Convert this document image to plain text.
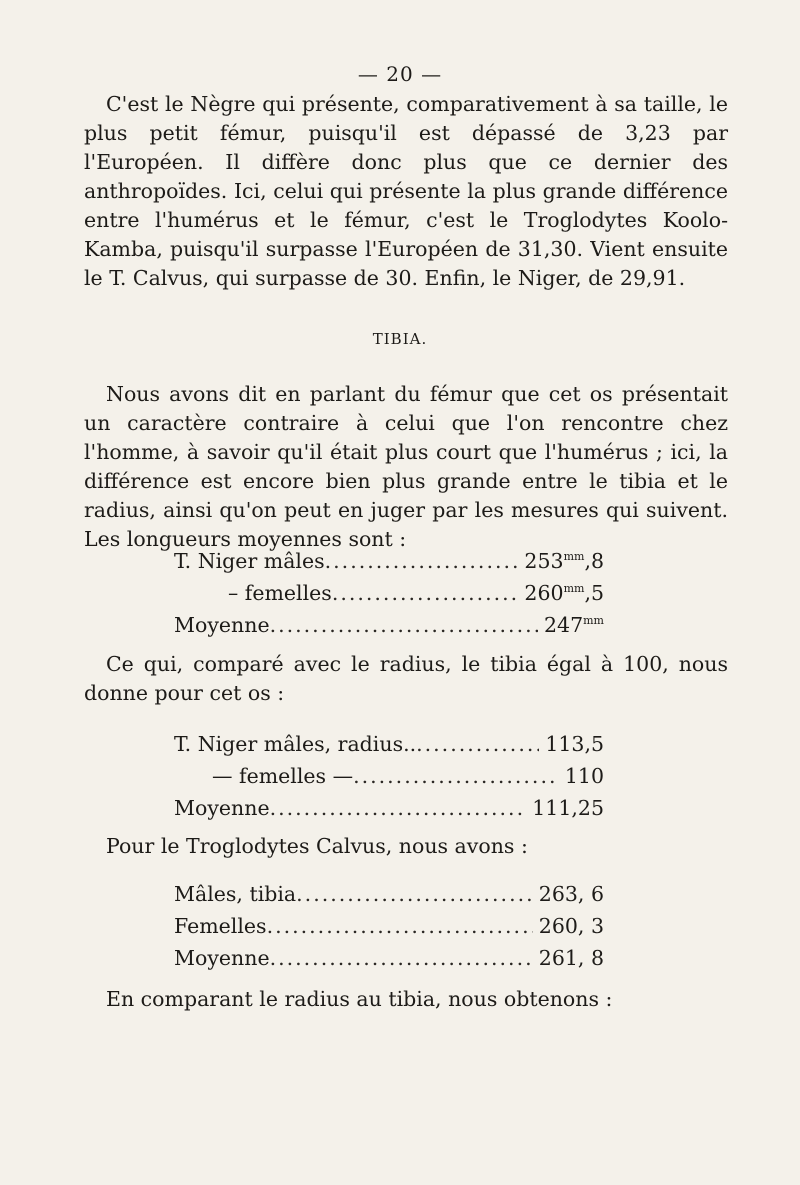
— 20 —
C'est le Nègre qui présente, comparativement à sa taille, le plus petit fémur, puisqu'il est dépassé de 3,23 par l'Européen. Il diffère donc plus que ce dernier des anthropoïdes. Ici, celui qui présente la plus grande différence entre l'humérus et le fémur, c'est le Troglodytes Koolo-Kamba, puisqu'il surpasse l'Européen de 31,30. Vient ensuite le T. Calvus, qui surpasse de 30. Enfin, le Niger, de 29,91.
TIBIA.
Nous avons dit en parlant du fémur que cet os présentait un caractère contraire à celui que l'on rencontre chez l'homme, à savoir qu'il était plus court que l'humérus ; ici, la différence est encore bien plus grande entre le tibia et le radius, ainsi qu'on peut en juger par les mesures qui suivent. Les longueurs moyennes sont :
T. Niger mâles .....	$253^{mm},8$
– femelles .....	$260^{mm},5$
Moyenne .....	$247^{mm}$
Ce qui, comparé avec le radius, le tibia égal à 100, nous donne pour cet os :
T. Niger mâles, radius.. .....	113,5
— femelles — .....	110
Moyenne .....	111,25
Pour le Troglodytes Calvus, nous avons :
Mâles, tibia .....	263, 6
Femelles .....	260, 3
Moyenne .....	261, 8
En comparant le radius au tibia, nous obtenons :
